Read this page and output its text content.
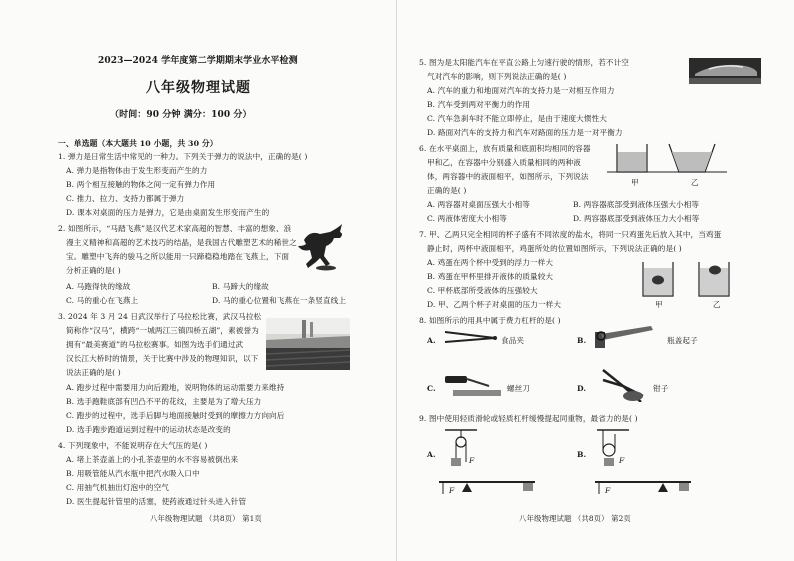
2023—2024 学年度第二学期期末学业水平检测
八年级物理试题
（时间：90 分钟 满分：100 分）
一、单选题（本大题共 10 小题，共 30 分）
1. 弹力是日常生活中常见的一种力。下列关于弹力的说法中，正确的是( )
A. 弹力是指物体由于发生形变而产生的力
B. 两个相互接触的物体之间一定有弹力作用
C. 推力、拉力、支持力都属于弹力
D. 课本对桌面的压力是弹力，它是由桌面发生形变而产生的
2. 如图所示，“马踏飞燕”是汉代艺术家高超的智慧、丰富的想象、浪
漫主义精神和高超的艺术技巧的结晶，是我国古代雕塑艺术的稀世之
宝。雕塑中飞奔的骏马之所以能用一只蹄稳稳地踏在飞燕上，下面
分析正确的是( )
A. 马跑得快的缘故	B. 马蹄大的缘故
C. 马的重心在飞燕上	D. 马的重心位置和飞燕在一条竖直线上
3. 2024 年 3 月 24 日武汉举行了马拉松比赛，武汉马拉松
简称作“汉马”，横跨“一城两江三镇四桥五湖”，素被誉为
拥有“最美赛道”的马拉松赛事。如图为选手们通过武
汉长江大桥时的情景，关于比赛中涉及的物理知识，以下
说法正确的是( )
A. 跑步过程中需要用力向后蹬地，说明物体的运动需要力来维持
B. 选手跑鞋底部有凹凸不平的花纹，主要是为了增大压力
C. 跑步的过程中，选手后脚与地面接触时受到的摩擦力方向向后
D. 选手跑步跑道运到过程中的运动状态是改变的
4. 下列现象中，不能说明存在大气压的是( )
A. 堵上茶壶盖上的小孔茶壶里的水不容易被倒出来
B. 用吸管能从汽水瓶中把汽水吸入口中
C. 用抽气机抽出灯泡中的空气
D. 医生提起针管里的活塞，使药液通过针头进入针管
八年级物理试题 （共8页） 第1页
5. 图为是太阳能汽车在平直公路上匀速行驶的情形，若不计空
气对汽车的影响，则下列说法正确的是( )
A. 汽车的重力和地面对汽车的支持力是一对相互作用力
B. 汽车受到两对平衡力的作用
C. 汽车急刹车时不能立即停止，是由于速度大惯性大
D. 路面对汽车的支持力和汽车对路面的压力是一对平衡力
6. 在水平桌面上，放有质量和底面积均相同的容器
甲和乙，在容器中分别盛入质量相同的两种液
体，两容器中的液面相平，如图所示，下列说法
正确的是( )
甲	乙
A. 两容器对桌面压强大小相等	B. 两容器底部受到液体压强大小相等
C. 两液体密度大小相等	D. 两容器底部受到液体压力大小相等
7. 甲、乙两只完全相同的杯子盛有不同浓度的盐水，将同一只鸡蛋先后放入其中，当鸡蛋
静止时，两杯中液面相平，鸡蛋所处的位置如图所示，下列说法正确的是( )
A. 鸡蛋在两个杯中受到的浮力一样大
B. 鸡蛋在甲杯里排开液体的质量较大
C. 甲杯底部所受液体的压强较大
D. 甲、乙两个杯子对桌面的压力一样大	甲	乙
8. 如图所示的用具中属于费力杠杆的是( )
A.	食品夹	B.	瓶盖起子
C.	螺丝刀	D.	钳子
9. 图中使用轻质滑轮或轻质杠杆缓慢提起同重物，最省力的是( )
A.
F
B.
F
F	F
八年级物理试题 （共8页） 第2页
